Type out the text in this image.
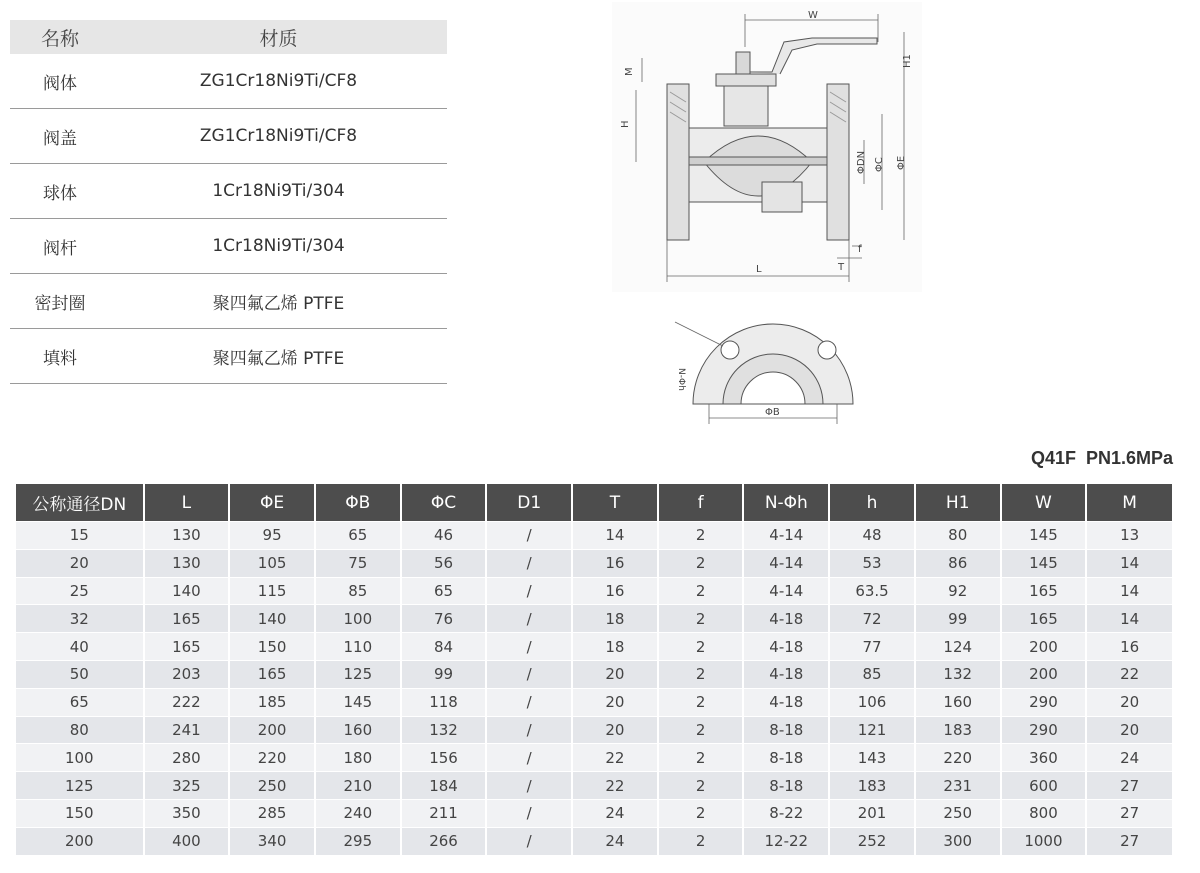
名称	材质
阀体	ZG1Cr18Ni9Ti/CF8
阀盖	ZG1Cr18Ni9Ti/CF8
球体	1Cr18Ni9Ti/304
阀杆	1Cr18Ni9Ti/304
密封圈	聚四氟乙烯 PTFE
填料	聚四氟乙烯 PTFE
W
H1
M
H
ΦDN ΦC ΦE
f
T
L
N-Φh
ΦB
Q41F  PN1.6MPa
公称通径DN	L	ΦE	ΦB	ΦC	D1	T	f	N-Φh	h	H1	W	M
15	130	95	65	46	/	14	2	4-14	48	80	145	13
20	130	105	75	56	/	16	2	4-14	53	86	145	14
25	140	115	85	65	/	16	2	4-14	63.5	92	165	14
32	165	140	100	76	/	18	2	4-18	72	99	165	14
40	165	150	110	84	/	18	2	4-18	77	124	200	16
50	203	165	125	99	/	20	2	4-18	85	132	200	22
65	222	185	145	118	/	20	2	4-18	106	160	290	20
80	241	200	160	132	/	20	2	8-18	121	183	290	20
100	280	220	180	156	/	22	2	8-18	143	220	360	24
125	325	250	210	184	/	22	2	8-18	183	231	600	27
150	350	285	240	211	/	24	2	8-22	201	250	800	27
200	400	340	295	266	/	24	2	12-22	252	300	1000	27
